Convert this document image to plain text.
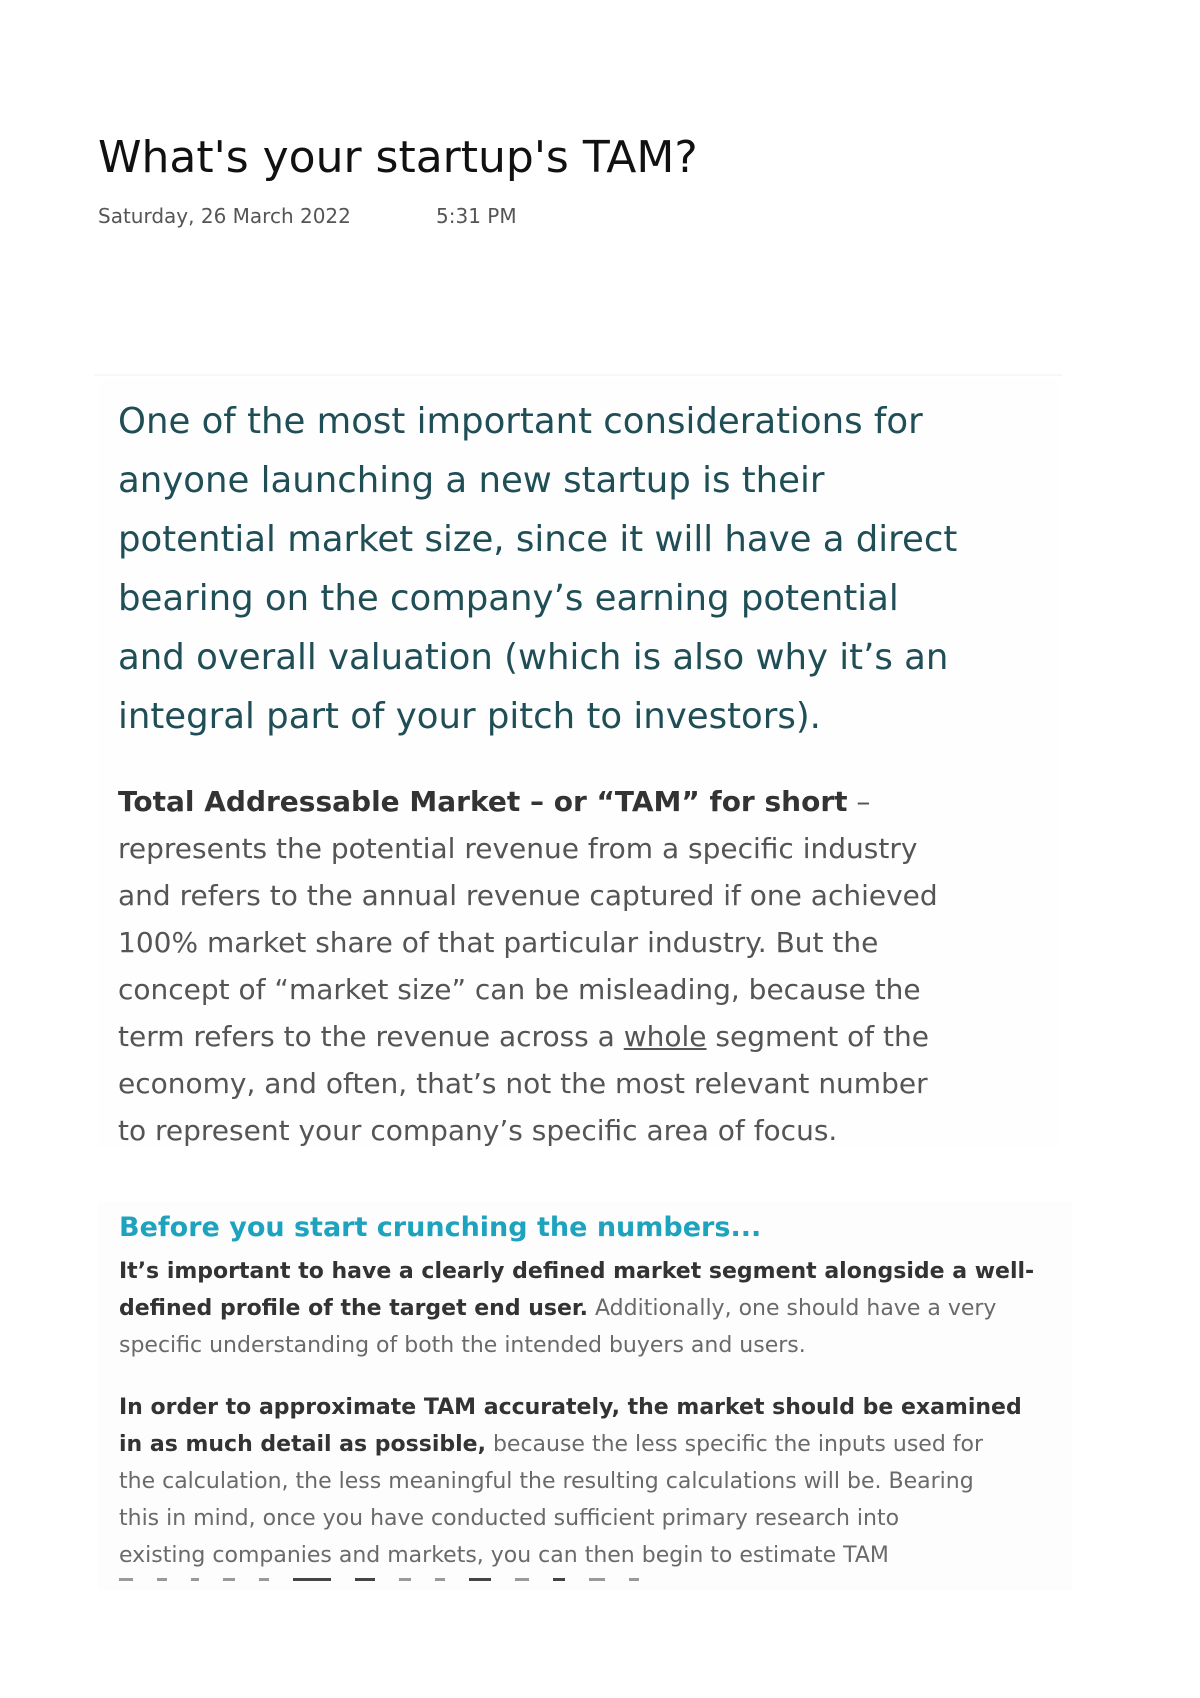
What's your startup's TAM?
Saturday, 26 March 2022	5:31 PM
One of the most important considerations for
anyone launching a new startup is their
potential market size, since it will have a direct
bearing on the company’s earning potential
and overall valuation (which is also why it’s an
integral part of your pitch to investors).
Total Addressable Market – or “TAM” for short –
represents the potential revenue from a specific industry
and refers to the annual revenue captured if one achieved
100% market share of that particular industry. But the
concept of “market size” can be misleading, because the
term refers to the revenue across a whole segment of the
economy, and often, that’s not the most relevant number
to represent your company’s specific area of focus.
Before you start crunching the numbers...
It’s important to have a clearly defined market segment alongside a well-
defined profile of the target end user. Additionally, one should have a very
specific understanding of both the intended buyers and users.
In order to approximate TAM accurately, the market should be examined
in as much detail as possible, because the less specific the inputs used for
the calculation, the less meaningful the resulting calculations will be. Bearing
this in mind, once you have conducted sufficient primary research into
existing companies and markets, you can then begin to estimate TAM
